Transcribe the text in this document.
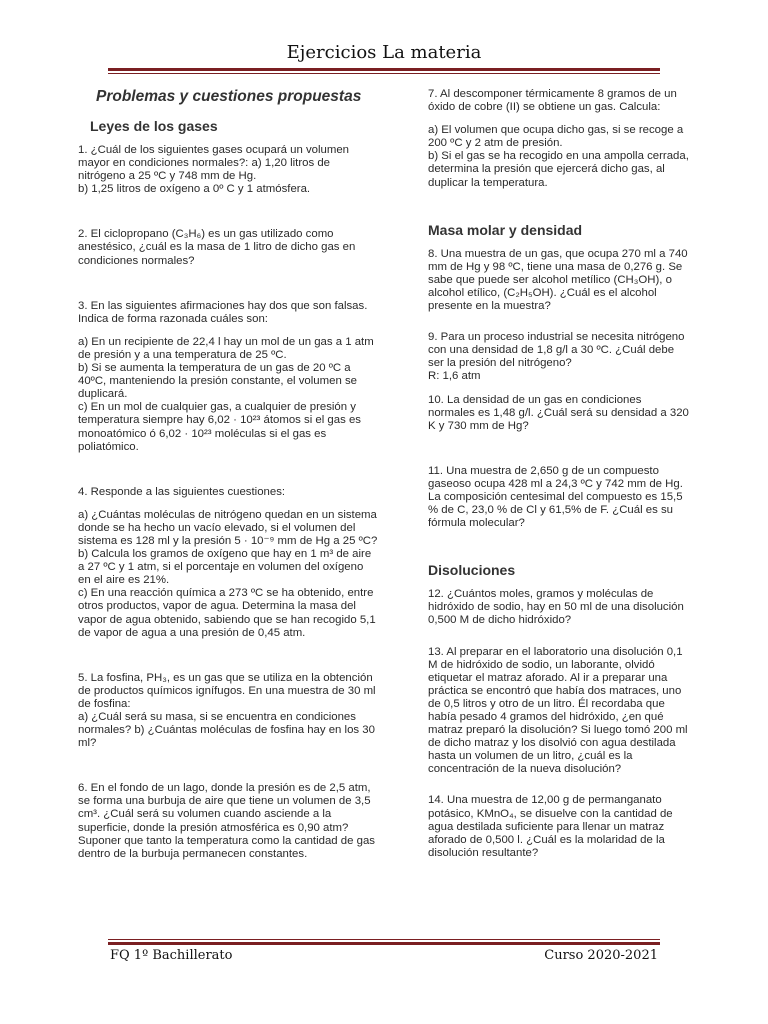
Ejercicios La materia
Problemas y cuestiones propuestas
Leyes de los gases

1. ¿Cuál de los siguientes gases ocupará un volumen mayor en condiciones normales?: a) 1,20 litros de nitrógeno a 25 ºC y 748 mm de Hg.
b) 1,25 litros de oxígeno a 0º C y 1 atmósfera.

2. El ciclopropano (C₃H₆) es un gas utilizado como anestésico, ¿cuál es la masa de 1 litro de dicho gas en condiciones normales?

3. En las siguientes afirmaciones hay dos que son falsas. Indica de forma razonada cuáles son:

a) En un recipiente de 22,4 l hay un mol de un gas a 1 atm de presión y a una temperatura de 25 ºC.

b) Si se aumenta la temperatura de un gas de 20 ºC a 40ºC, manteniendo la presión constante, el volumen se duplicará.

c) En un mol de cualquier gas, a cualquier de presión y temperatura siempre hay 6,02 · 10²³ átomos si el gas es monoatómico ó 6,02 · 10²³ moléculas si el gas es poliatómico.

4. Responde a las siguientes cuestiones:

a) ¿Cuántas moléculas de nitrógeno quedan en un sistema donde se ha hecho un vacío elevado, si el volumen del sistema es 128 ml y la presión 5 · 10⁻⁹ mm de Hg a 25 ºC?

b) Calcula los gramos de oxígeno que hay en 1 m³ de aire a 27 ºC y 1 atm, si el porcentaje en volumen del oxígeno en el aire es 21%.

c) En una reacción química a 273 ºC se ha obtenido, entre otros productos, vapor de agua. Determina la masa del vapor de agua obtenido, sabiendo que se han recogido 5,1 de vapor de agua a una presión de 0,45 atm.

5. La fosfina, PH₃, es un gas que se utiliza en la obtención de productos químicos ignífugos. En una muestra de 30 ml de fosfina:
a) ¿Cuál será su masa, si se encuentra en condiciones normales? b) ¿Cuántas moléculas de fosfina hay en los 30 ml?

6. En el fondo de un lago, donde la presión es de 2,5 atm, se forma una burbuja de aire que tiene un volumen de 3,5 cm³. ¿Cuál será su volumen cuando asciende a la superficie, donde la presión atmosférica es 0,90 atm? Suponer que tanto la temperatura como la cantidad de gas dentro de la burbuja permanecen constantes.

7. Al descomponer térmicamente 8 gramos de un óxido de cobre (II) se obtiene un gas. Calcula:

a) El volumen que ocupa dicho gas, si se recoge a 200 ºC y 2 atm de presión.

b) Si el gas se ha recogido en una ampolla cerrada, determina la presión que ejercerá dicho gas, al duplicar la temperatura.

Masa molar y densidad

8. Una muestra de un gas, que ocupa 270 ml a 740 mm de Hg y 98 ºC, tiene una masa de 0,276 g. Se sabe que puede ser alcohol metílico (CH₃OH), o alcohol etílico, (C₂H₅OH). ¿Cuál es el alcohol presente en la muestra?

9. Para un proceso industrial se necesita nitrógeno con una densidad de 1,8 g/l a 30 ºC. ¿Cuál debe ser la presión del nitrógeno?

R: 1,6 atm

10. La densidad de un gas en condiciones normales es 1,48 g/l. ¿Cuál será su densidad a 320 K y 730 mm de Hg?

11. Una muestra de 2,650 g de un compuesto gaseoso ocupa 428 ml a 24,3 ºC y 742 mm de Hg. La composición centesimal del compuesto es 15,5 % de C, 23,0 % de Cl y 61,5% de F. ¿Cuál es su fórmula molecular?

Disoluciones

12. ¿Cuántos moles, gramos y moléculas de hidróxido de sodio, hay en 50 ml de una disolución 0,500 M de dicho hidróxido?

13. Al preparar en el laboratorio una disolución 0,1 M de hidróxido de sodio, un laborante, olvidó etiquetar el matraz aforado. Al ir a preparar una práctica se encontró que había dos matraces, uno de 0,5 litros y otro de un litro. Él recordaba que había pesado 4 gramos del hidróxido, ¿en qué matraz preparó la disolución? Si luego tomó 200 ml de dicho matraz y los disolvió con agua destilada hasta un volumen de un litro, ¿cuál es la concentración de la nueva disolución?

14. Una muestra de 12,00 g de permanganato potásico, KMnO₄, se disuelve con la cantidad de agua destilada suficiente para llenar un matraz aforado de 0,500 l. ¿Cuál es la molaridad de la disolución resultante?

FQ 1º Bachillerato	Curso 2020-2021
